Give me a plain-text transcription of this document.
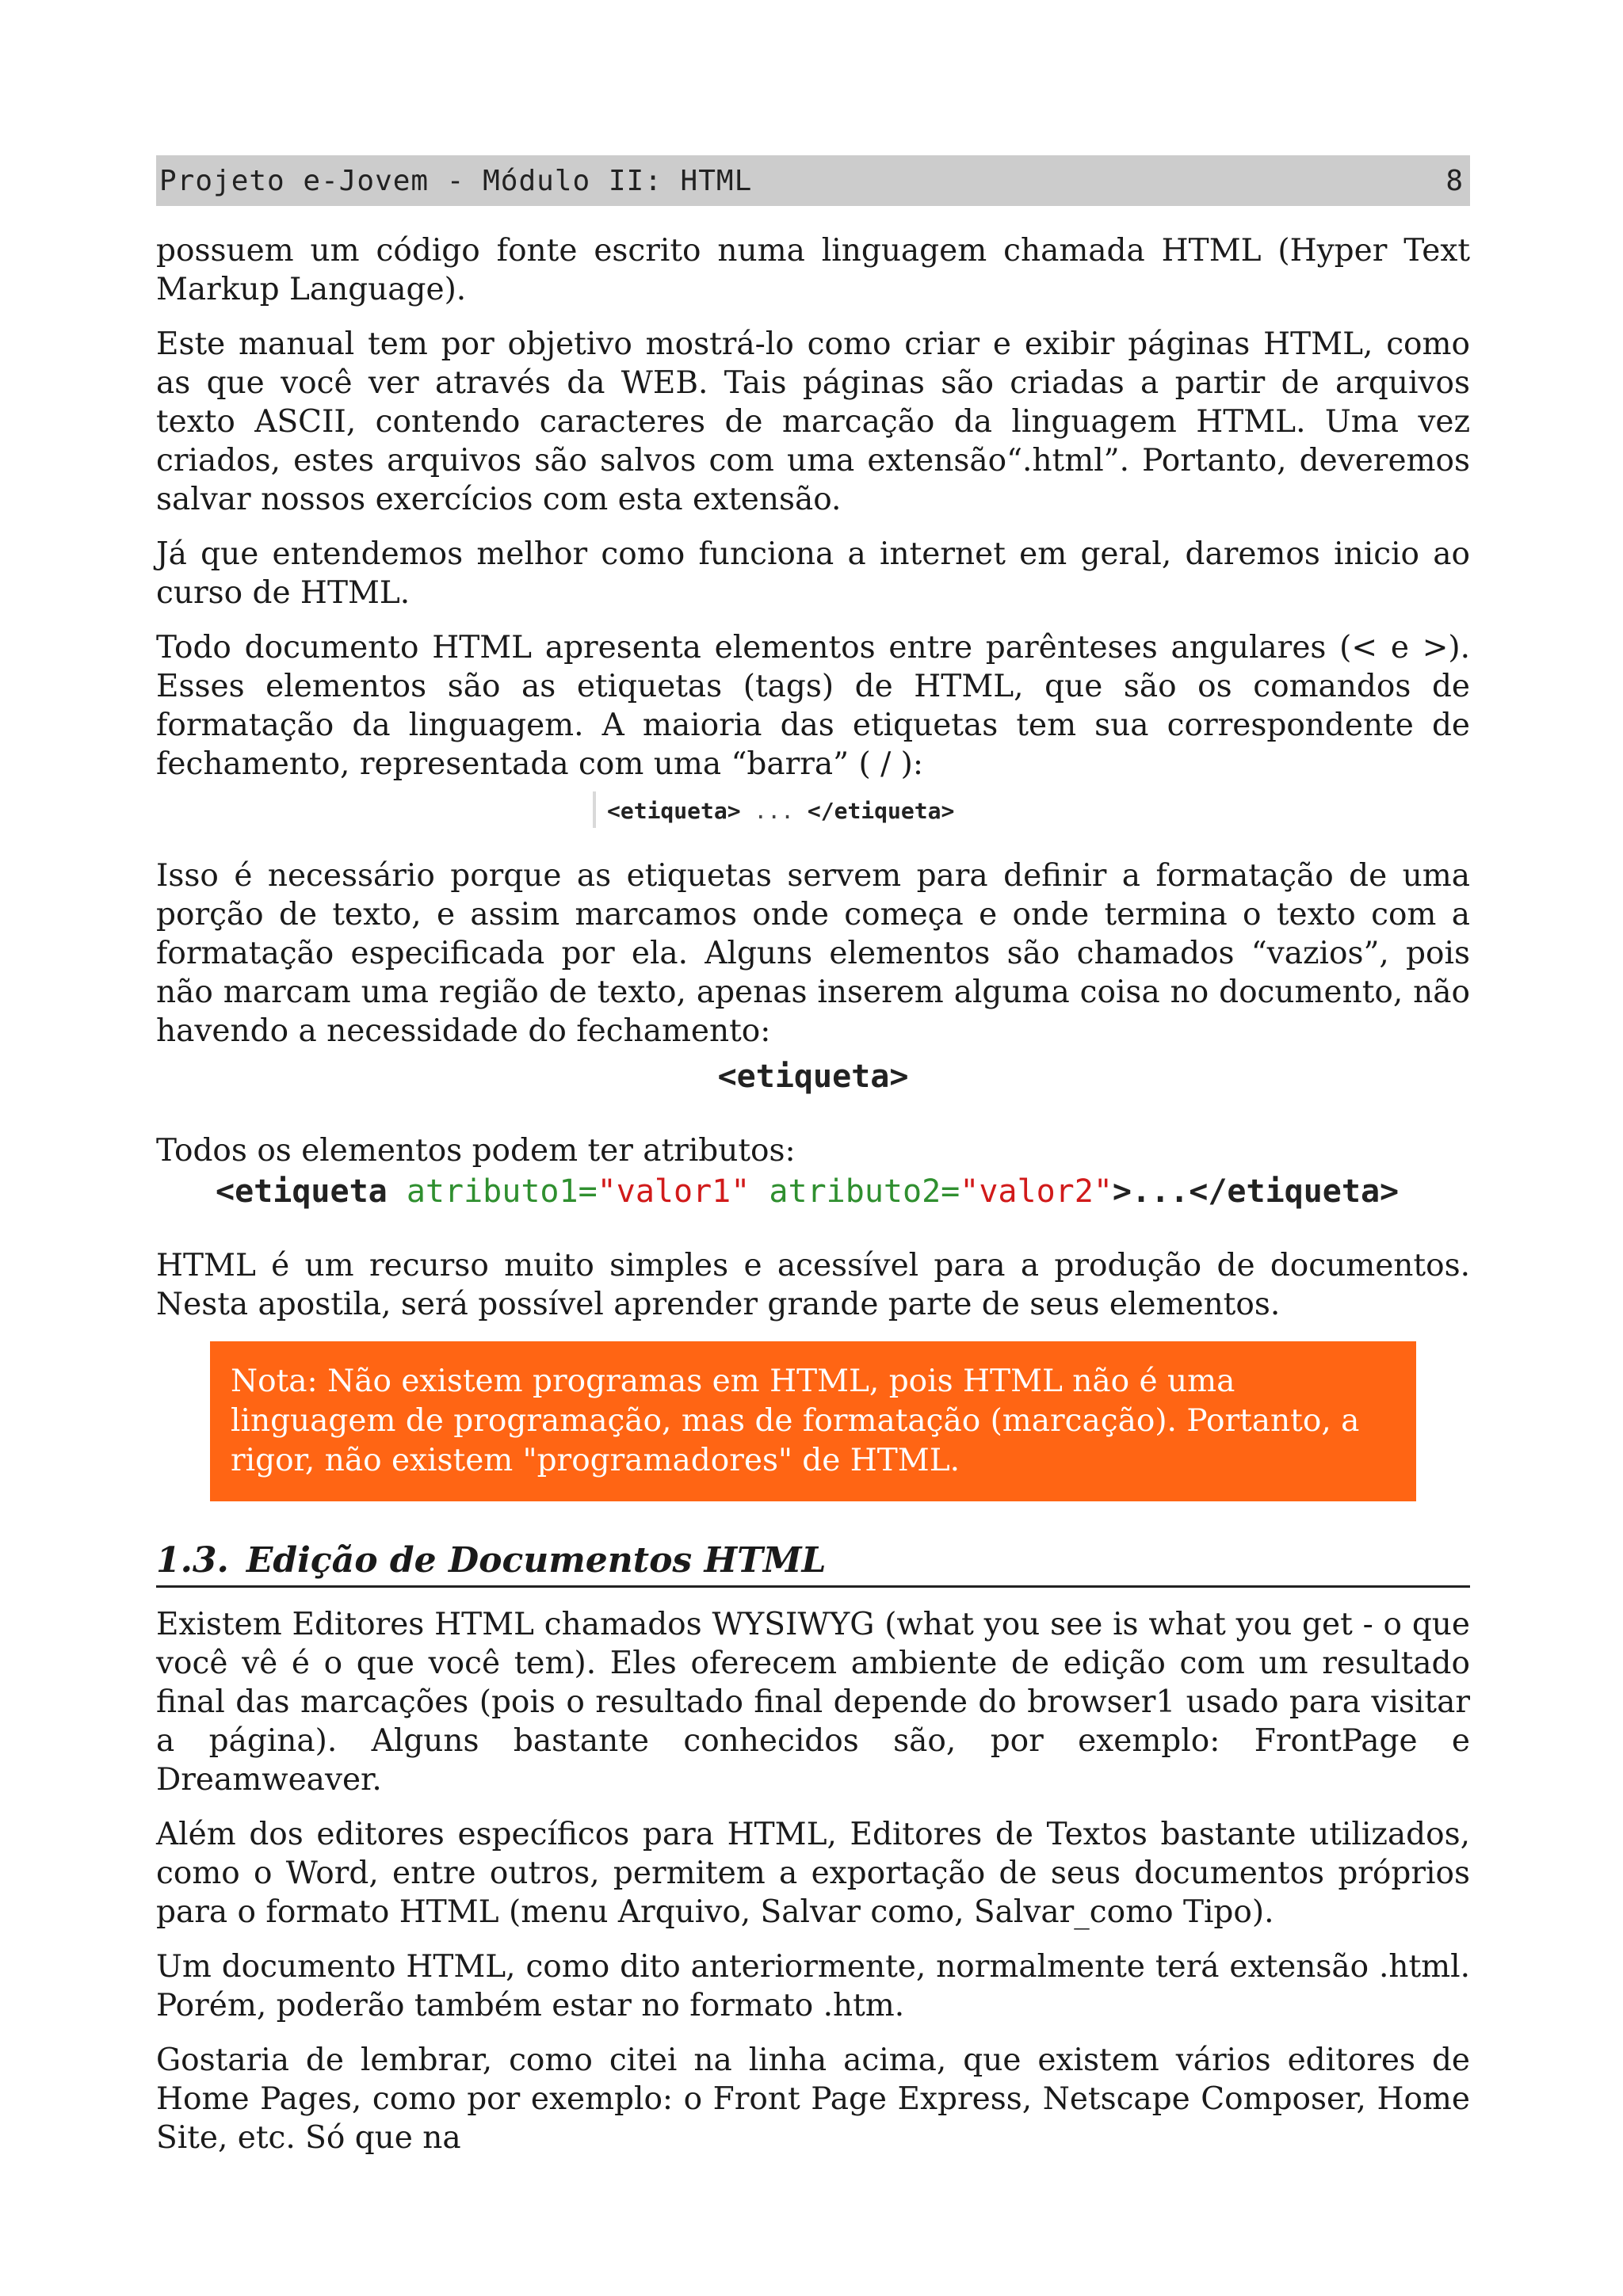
Projeto e-Jovem - Módulo II: HTML	8

possuem um código fonte escrito numa linguagem chamada HTML (Hyper Text Markup Language).

Este manual tem por objetivo mostrá-lo como criar e exibir páginas HTML, como as que você ver através da WEB. Tais páginas são criadas a partir de arquivos texto ASCII, contendo caracteres de marcação da linguagem HTML. Uma vez criados, estes arquivos são salvos com uma extensão“.html”. Portanto, deveremos salvar nossos exercícios com esta extensão.

Já que entendemos melhor como funciona a internet em geral, daremos inicio ao curso de HTML.

Todo documento HTML apresenta elementos entre parênteses angulares (< e >). Esses elementos são as etiquetas (tags) de HTML, que são os comandos de formatação da linguagem. A maioria das etiquetas tem sua correspondente de fechamento, representada com uma “barra” ( / ):

<etiqueta> ... </etiqueta>

Isso é necessário porque as etiquetas servem para definir a formatação de uma porção de texto, e assim marcamos onde começa e onde termina o texto com a formatação especificada por ela. Alguns elementos são chamados “vazios”, pois não marcam uma região de texto, apenas inserem alguma coisa no documento, não havendo a necessidade do fechamento:

<etiqueta>

Todos os elementos podem ter atributos:

<etiqueta atributo1="valor1" atributo2="valor2">...</etiqueta>

HTML é um recurso muito simples e acessível para a produção de documentos. Nesta apostila, será possível aprender grande parte de seus elementos.

Nota: Não existem programas em HTML, pois HTML não é uma linguagem de programação, mas de formatação (marcação). Portanto, a rigor, não existem "programadores" de HTML.
1.3. Edição de Documentos HTML

Existem Editores HTML chamados WYSIWYG (what you see is what you get - o que você vê é o que você tem). Eles oferecem ambiente de edição com um resultado final das marcações (pois o resultado final depende do browser1 usado para visitar a página). Alguns bastante conhecidos são, por exemplo: FrontPage e Dreamweaver.

Além dos editores específicos para HTML, Editores de Textos bastante utilizados, como o Word, entre outros, permitem a exportação de seus documentos próprios para o formato HTML (menu Arquivo, Salvar como, Salvar_como Tipo).

Um documento HTML, como dito anteriormente, normalmente terá extensão .html. Porém, poderão também estar no formato .htm.

Gostaria de lembrar, como citei na linha acima, que existem vários editores de Home Pages, como por exemplo: o Front Page Express, Netscape Composer, Home Site, etc. Só que na
